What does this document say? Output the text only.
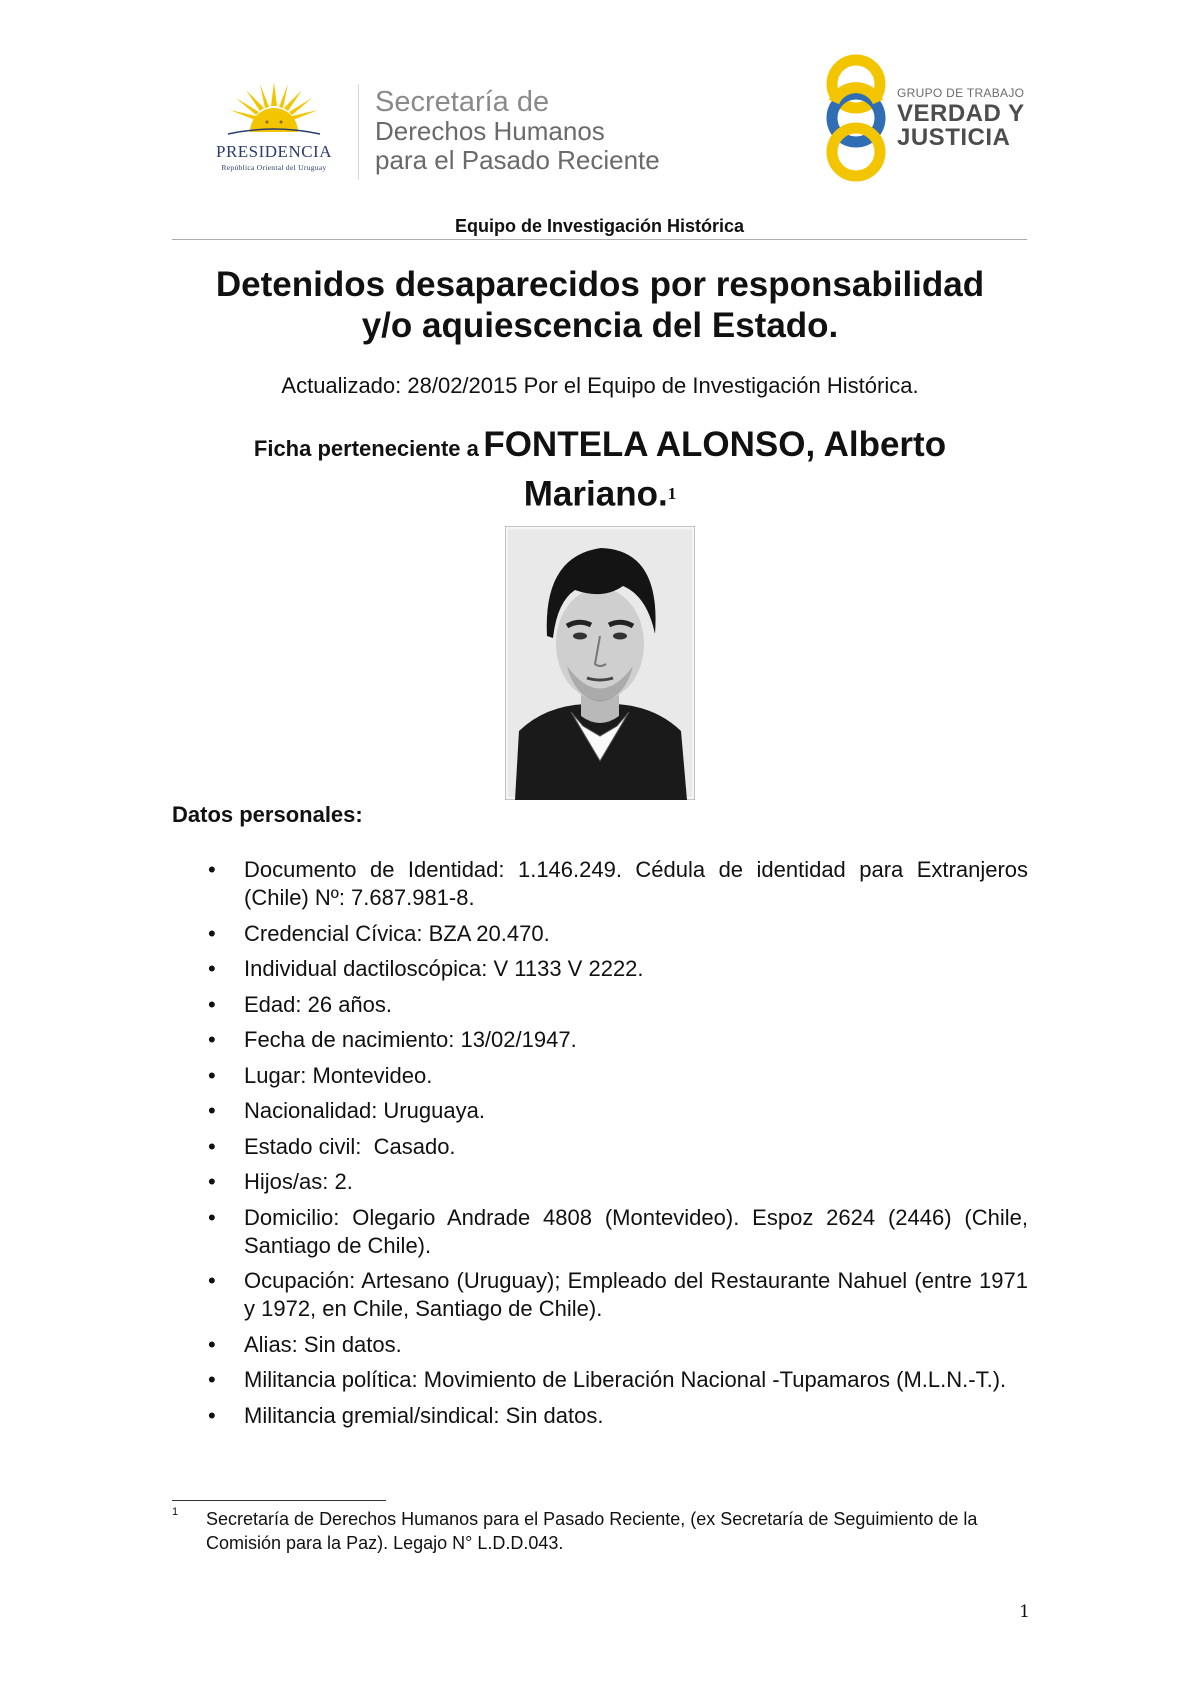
PRESIDENCIA
República Oriental del Uruguay
Secretaría de
Derechos Humanos
para el Pasado Reciente
GRUPO DE TRABAJO
VERDAD Y
JUSTICIA
Equipo de Investigación Histórica
Detenidos desaparecidos por responsabilidad
y/o aquiescencia del Estado.
Actualizado: 28/02/2015 Por el Equipo de Investigación Histórica.
Ficha perteneciente a FONTELA ALONSO, Alberto
Mariano.$^1$
Datos personales:
• Documento de Identidad: 1.146.249. Cédula de identidad para Extranjeros (Chile) Nº: 7.687.981-8.
• Credencial Cívica: BZA 20.470.
• Individual dactiloscópica: V 1133 V 2222.
• Edad: 26 años.
• Fecha de nacimiento: 13/02/1947.
• Lugar: Montevideo.
• Nacionalidad: Uruguaya.
• Estado civil:  Casado.
• Hijos/as: 2.
• Domicilio: Olegario Andrade 4808 (Montevideo). Espoz 2624 (2446) (Chile, Santiago de Chile).
• Ocupación: Artesano (Uruguay); Empleado del Restaurante Nahuel (entre 1971 y 1972, en Chile, Santiago de Chile).
• Alias: Sin datos.
• Militancia política: Movimiento de Liberación Nacional -Tupamaros (M.L.N.-T.).
• Militancia gremial/sindical: Sin datos.
1 Secretaría de Derechos Humanos para el Pasado Reciente, (ex Secretaría de Seguimiento de la Comisión para la Paz). Legajo N° L.D.D.043.
1
